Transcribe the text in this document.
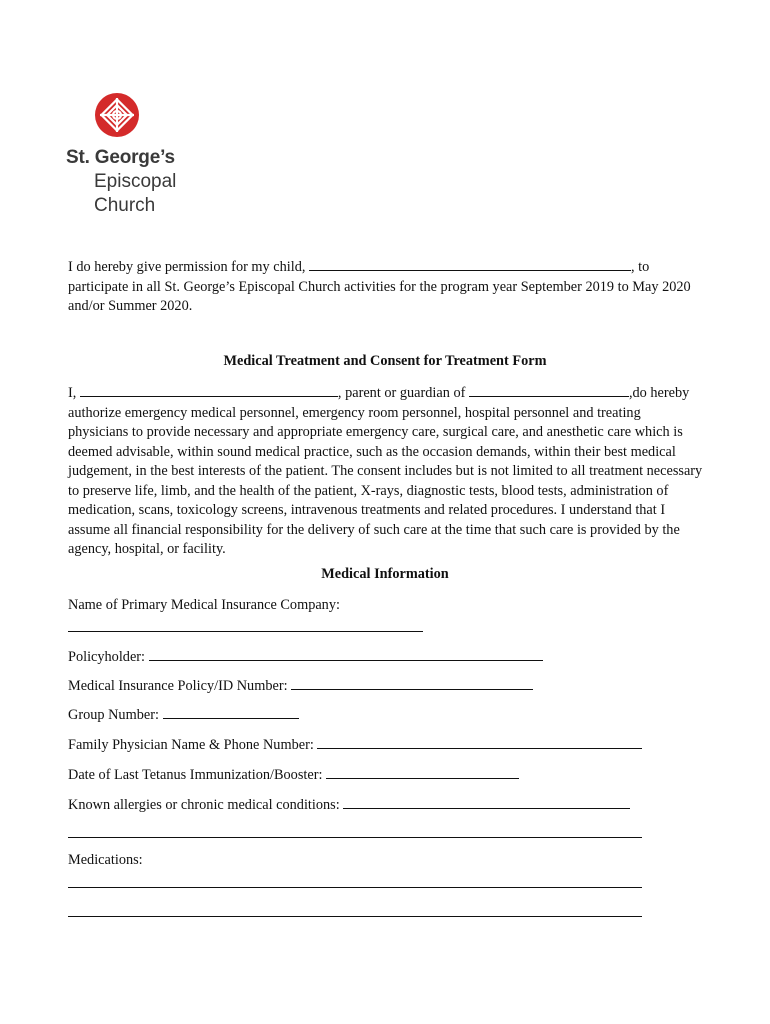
St. George’s
Episcopal
Church
I do hereby give permission for my child,	, to participate in all St. George’s Episcopal Church activities for the program year September 2019 to May 2020 and/or Summer 2020.
Medical Treatment and Consent for Treatment Form
I,	, parent or guardian of	,do hereby authorize emergency medical personnel, emergency room personnel, hospital personnel and treating physicians to provide necessary and appropriate emergency care, surgical care, and anesthetic care which is deemed advisable, within sound medical practice, such as the occasion demands, within their best medical judgement, in the best interests of the patient. The consent includes but is not limited to all treatment necessary to preserve life, limb, and the health of the patient, X-rays, diagnostic tests, blood tests, administration of medication, scans, toxicology screens, intravenous treatments and related procedures. I understand that I assume all financial responsibility for the delivery of such care at the time that such care is provided by the agency, hospital, or facility.
Medical Information
Name of Primary Medical Insurance Company:
Policyholder:
Medical Insurance Policy/ID Number:
Group Number:
Family Physician Name & Phone Number:
Date of Last Tetanus Immunization/Booster:
Known allergies or chronic medical conditions:
Medications:
